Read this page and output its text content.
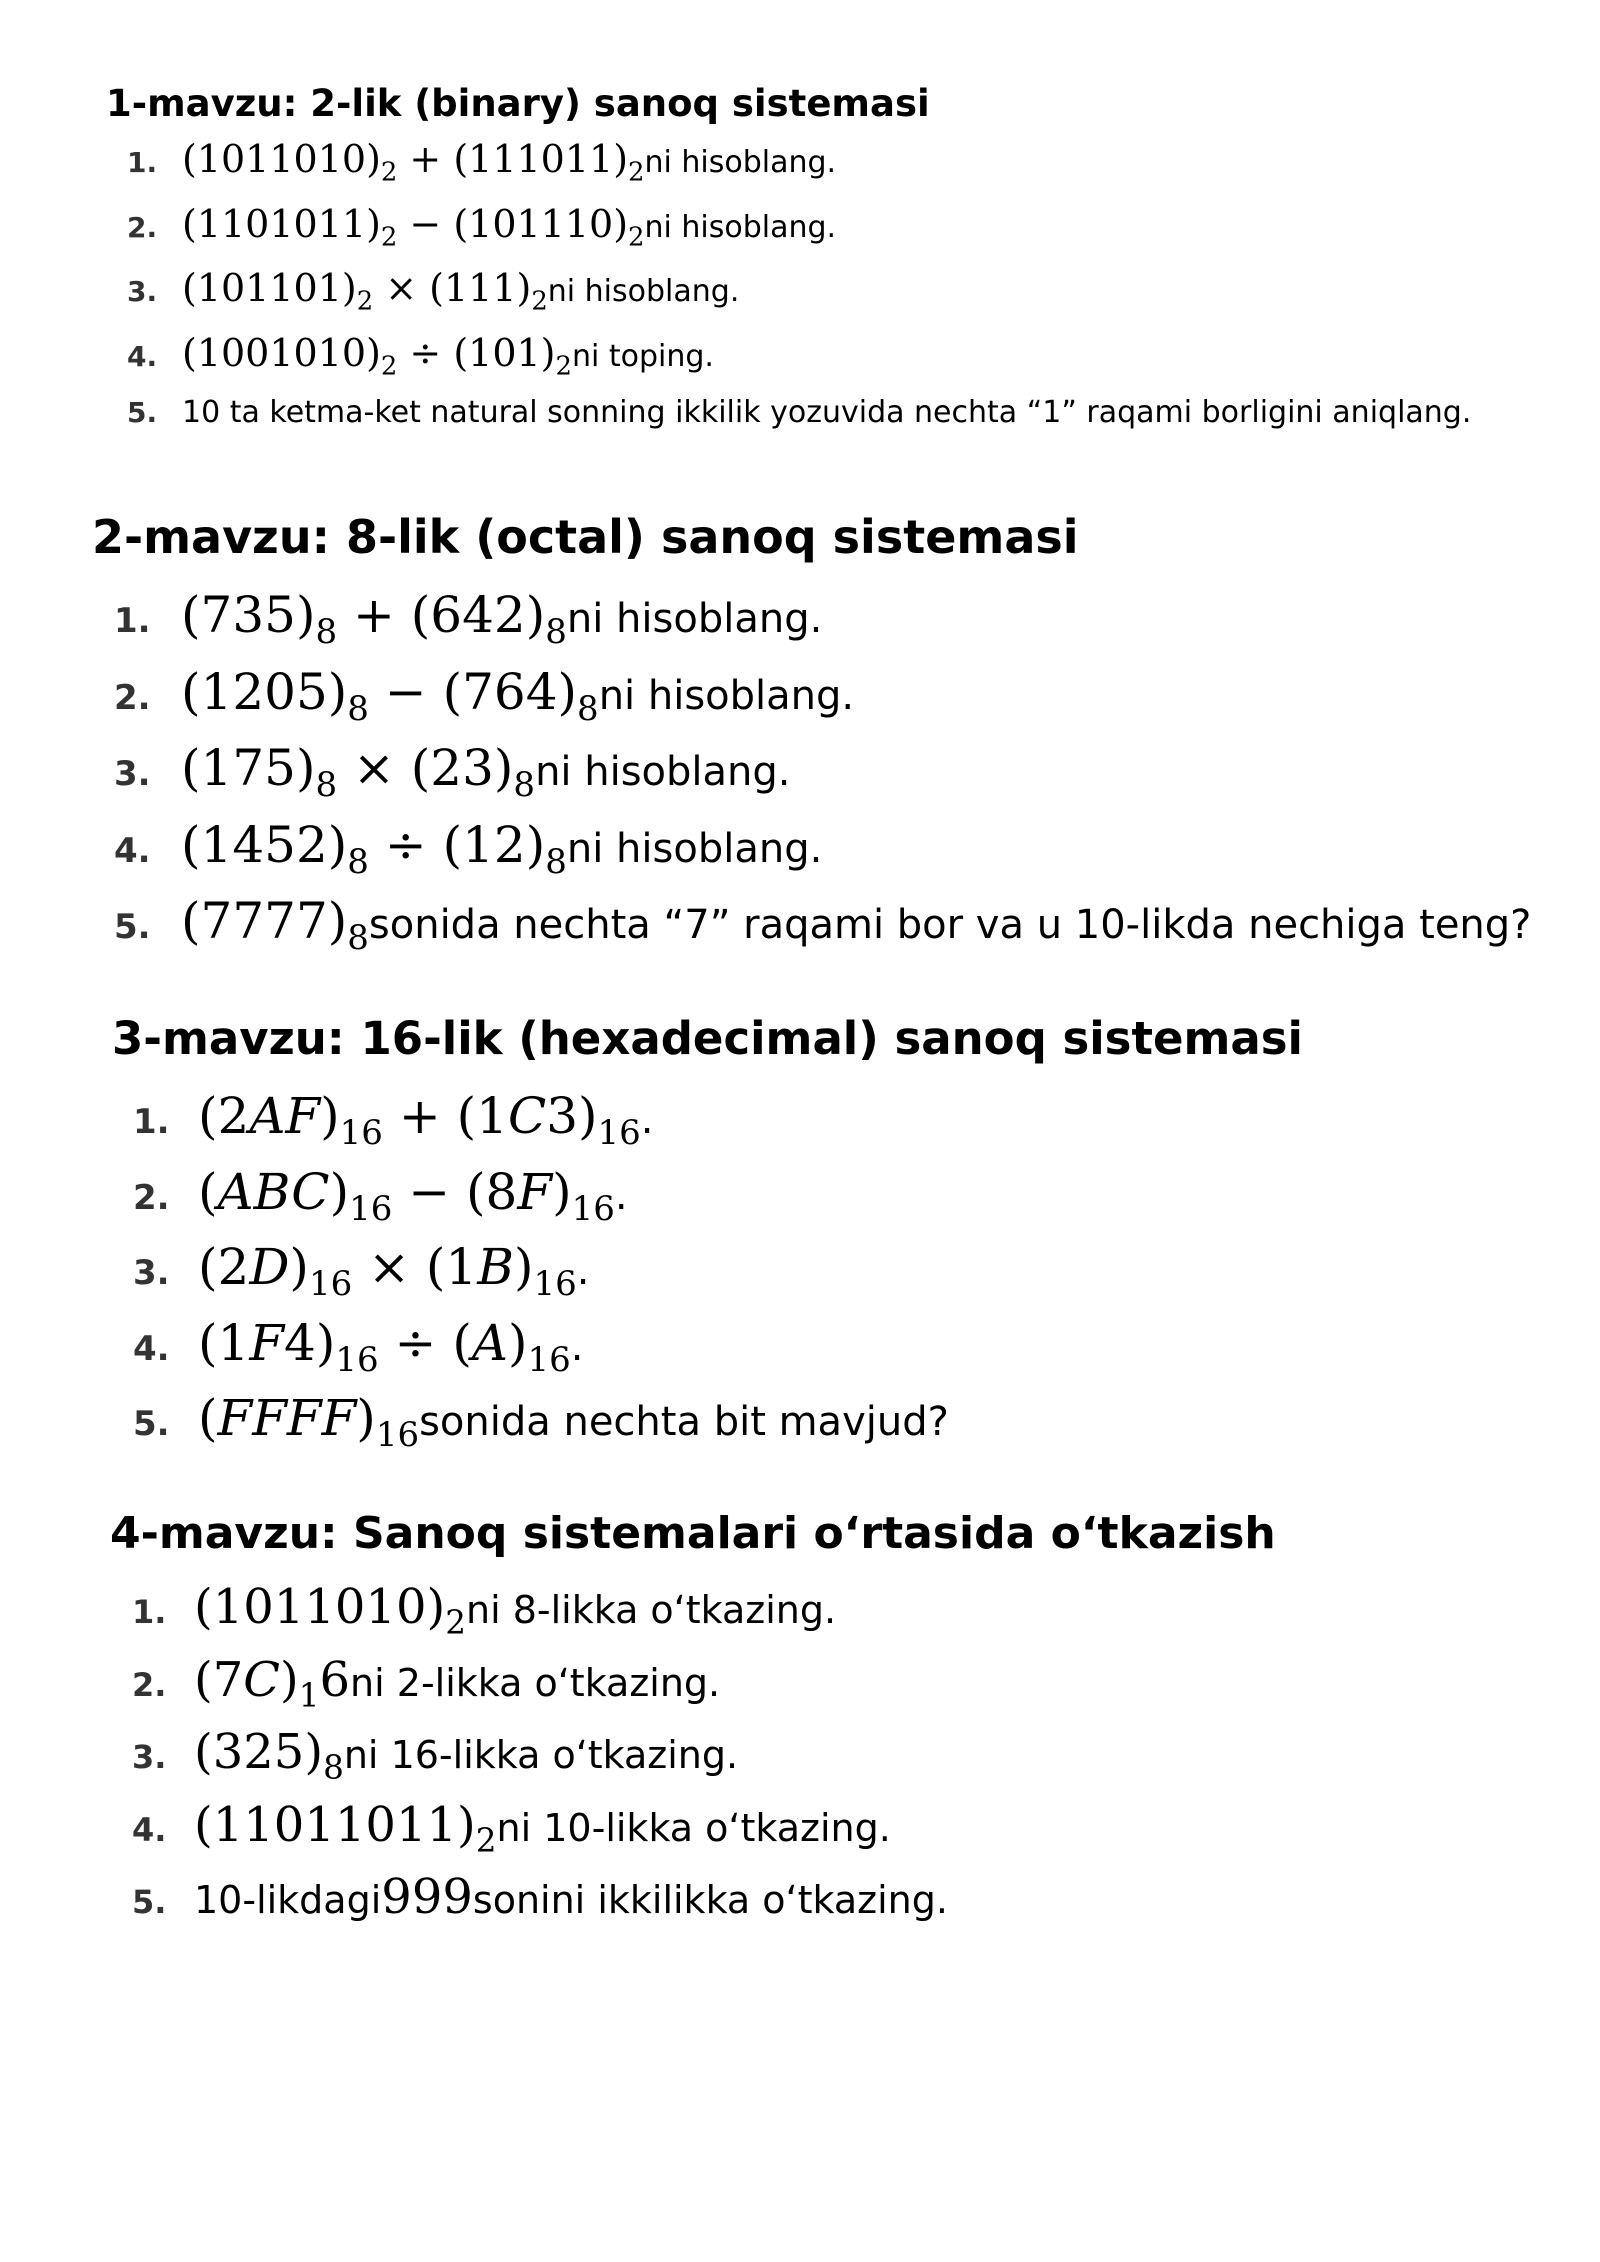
1-mavzu: 2-lik (binary) sanoq sistemasi
1. $(1011010)_2 + (111011)_2$ ni hisoblang.
2. $(1101011)_2 - (101110)_2$ ni hisoblang.
3. $(101101)_2 \times (111)_2$ ni hisoblang.
4. $(1001010)_2 \div (101)_2$ ni toping.
5. 10 ta ketma-ket natural sonning ikkilik yozuvida nechta “1” raqami borligini aniqlang.
2-mavzu: 8-lik (octal) sanoq sistemasi
1. $(735)_8 + (642)_8$ ni hisoblang.
2. $(1205)_8 - (764)_8$ ni hisoblang.
3. $(175)_8 \times (23)_8$ ni hisoblang.
4. $(1452)_8 \div (12)_8$ ni hisoblang.
5. $(7777)_8$ sonida nechta “7” raqami bor va u 10-likda nechiga teng?
3-mavzu: 16-lik (hexadecimal) sanoq sistemasi
1. $(2AF)_{16} + (1C3)_{16}$.
2. $(ABC)_{16} - (8F)_{16}$.
3. $(2D)_{16} \times (1B)_{16}$.
4. $(1F4)_{16} \div (A)_{16}$.
5. $(FFFF)_{16}$ sonida nechta bit mavjud?
4-mavzu: Sanoq sistemalari o‘rtasida o‘tkazish
1. $(1011010)_2$ ni 8-likka o‘tkazing.
2. $(7C)_16$ ni 2-likka o‘tkazing.
3. $(325)_8$ ni 16-likka o‘tkazing.
4. $(11011011)_2$ ni 10-likka o‘tkazing.
5. 10-likdagi 999 sonini ikkilikka o‘tkazing.
